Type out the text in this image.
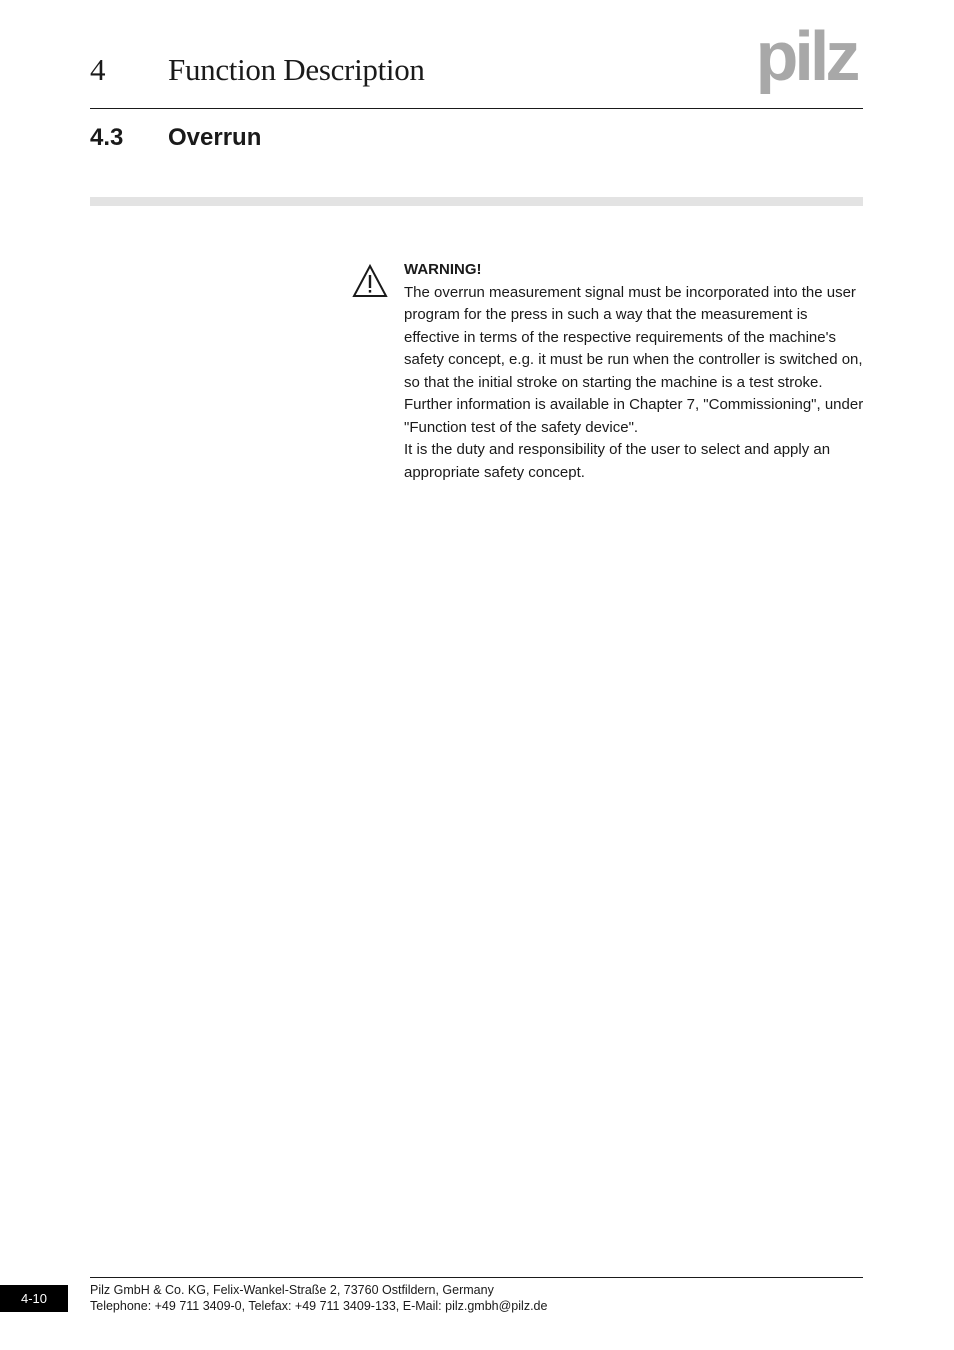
4 Function Description	pilz
4.3 Overrun

WARNING!

The overrun measurement signal must be incorporated into the user program for the press in such a way that the measurement is effective in terms of the respective requirements of the machine's safety concept, e.g. it must be run when the controller is switched on, so that the initial stroke on starting the machine is a test stroke. Further information is available in Chapter 7, "Commissioning", under "Function test of the safety device".

It is the duty and responsibility of the user to select and apply an appropriate safety concept.

4-10
Pilz GmbH & Co. KG, Felix-Wankel-Straße 2, 73760 Ostfildern, Germany
Telephone: +49 711 3409-0, Telefax: +49 711 3409-133, E-Mail: pilz.gmbh@pilz.de
